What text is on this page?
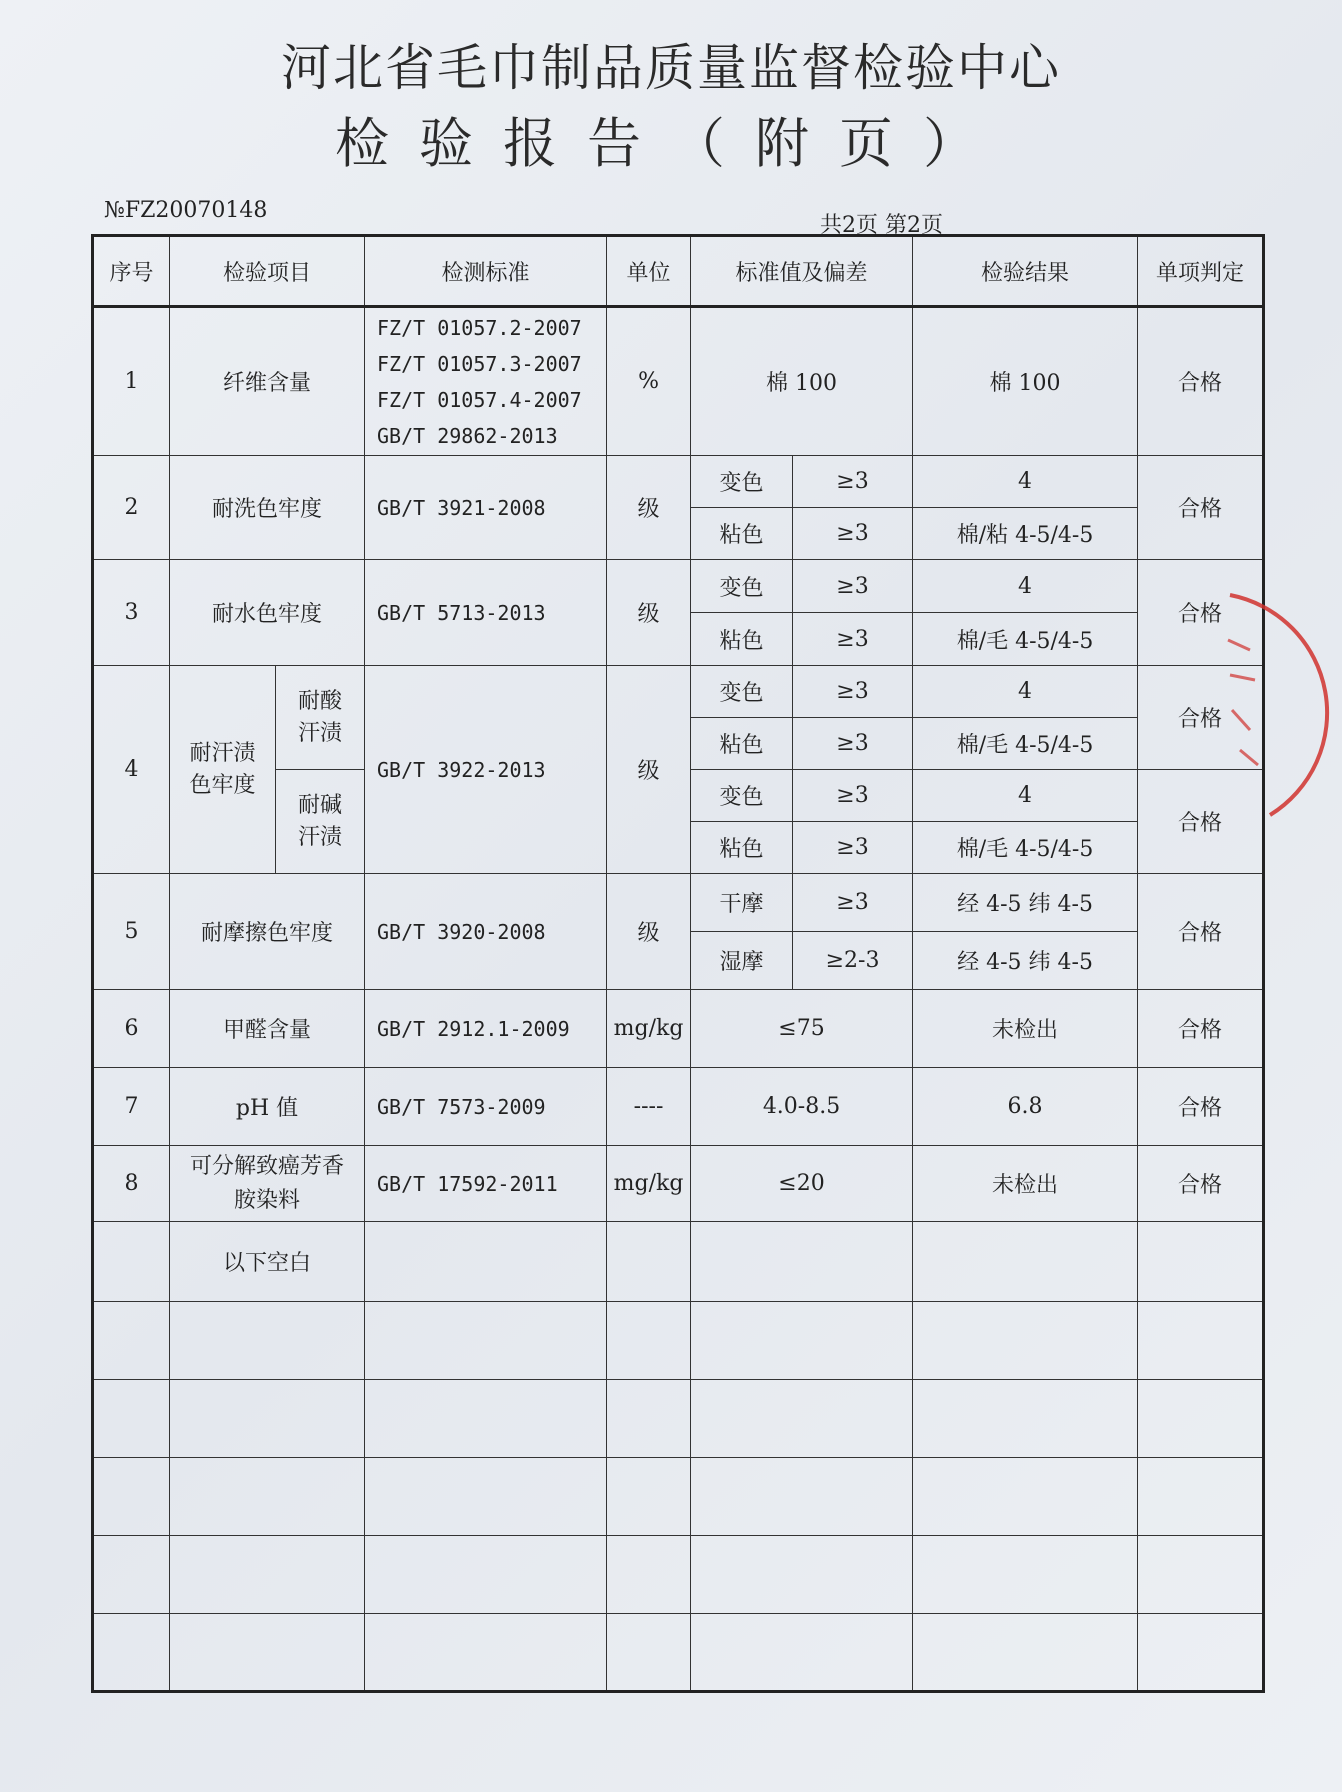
河北省毛巾制品质量监督检验中心
检验报告（附页）
№FZ20070148
共2页 第2页
序号	检验项目		检测标准	单位	标准值及偏差		检验结果	单项判定
1	纤维含量		FZ/T 01057.2-2007
FZ/T 01057.3-2007
FZ/T 01057.4-2007
GB/T 29862-2013	%	棉 100		棉 100	合格
2	耐洗色牢度		GB/T 3921-2008	级	变色	≥3	4	合格
					粘色	≥3	棉/粘 4-5/4-5	
3	耐水色牢度		GB/T 5713-2013	级	变色	≥3	4	合格
					粘色	≥3	棉/毛 4-5/4-5	
4	耐汗渍色牢度	耐酸汗渍	GB/T 3922-2013	级	变色	≥3	4	合格
					粘色	≥3	棉/毛 4-5/4-5	
		耐碱汗渍			变色	≥3	4	合格
					粘色	≥3	棉/毛 4-5/4-5	
5	耐摩擦色牢度		GB/T 3920-2008	级	干摩	≥3	经 4-5 纬 4-5	合格
					湿摩	≥2-3	经 4-5 纬 4-5	
6	甲醛含量		GB/T 2912.1-2009	mg/kg	≤75		未检出	合格
7	pH 值		GB/T 7573-2009	----	4.0-8.5		6.8	合格
8	可分解致癌芳香胺染料		GB/T 17592-2011	mg/kg	≤20		未检出	合格
	以下空白							
